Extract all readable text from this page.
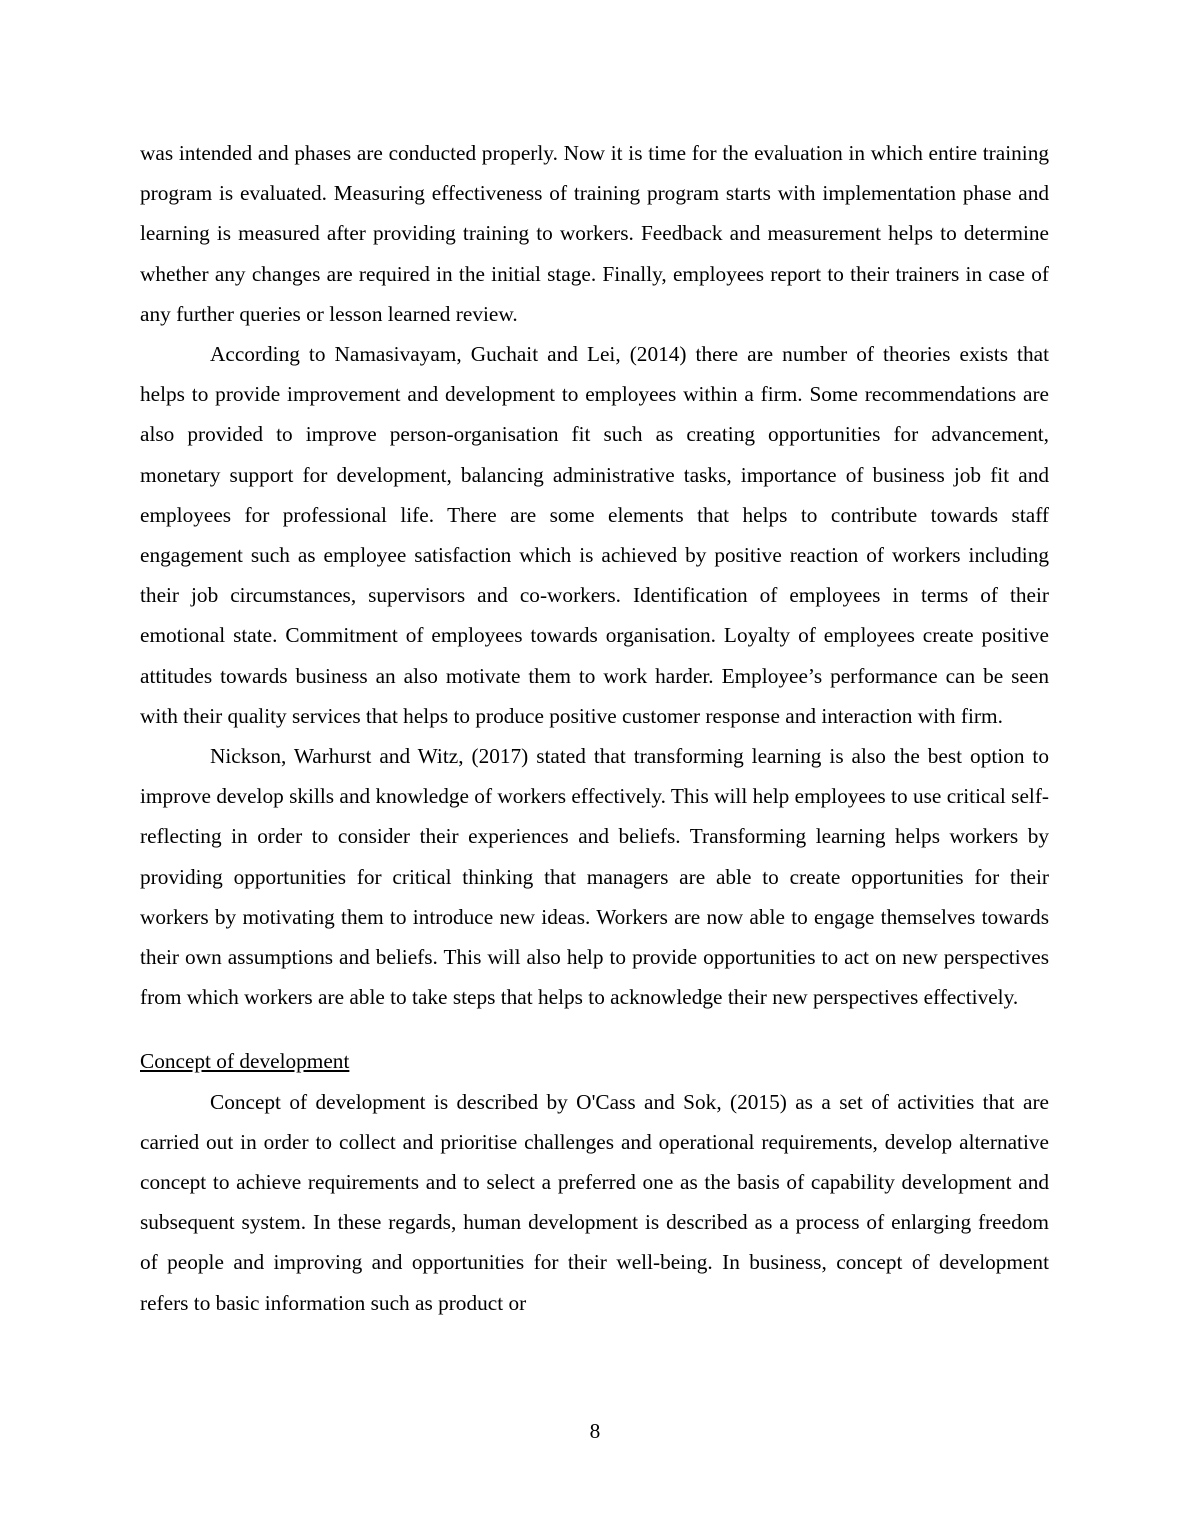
was intended and phases are conducted properly. Now it is time for the evaluation in which entire training program is evaluated. Measuring effectiveness of training program starts with implementation phase and learning is measured after providing training to workers. Feedback and measurement helps to determine whether any changes are required in the initial stage. Finally, employees report to their trainers in case of any further queries or lesson learned review.

According to Namasivayam, Guchait and Lei, (2014) there are number of theories exists that helps to provide improvement and development to employees within a firm. Some recommendations are also provided to improve person-organisation fit such as creating opportunities for advancement, monetary support for development, balancing administrative tasks, importance of business job fit and employees for professional life. There are some elements that helps to contribute towards staff engagement such as employee satisfaction which is achieved by positive reaction of workers including their job circumstances, supervisors and co-workers. Identification of employees in terms of their emotional state. Commitment of employees towards organisation. Loyalty of employees create positive attitudes towards business an also motivate them to work harder. Employee’s performance can be seen with their quality services that helps to produce positive customer response and interaction with firm.

Nickson, Warhurst and Witz, (2017) stated that transforming learning is also the best option to improve develop skills and knowledge of workers effectively. This will help employees to use critical self-reflecting in order to consider their experiences and beliefs. Transforming learning helps workers by providing opportunities for critical thinking that managers are able to create opportunities for their workers by motivating them to introduce new ideas. Workers are now able to engage themselves towards their own assumptions and beliefs. This will also help to provide opportunities to act on new perspectives from which workers are able to take steps that helps to acknowledge their new perspectives effectively.

Concept of development

Concept of development is described by O'Cass and Sok, (2015) as a set of activities that are carried out in order to collect and prioritise challenges and operational requirements, develop alternative concept to achieve requirements and to select a preferred one as the basis of capability development and subsequent system. In these regards, human development is described as a process of enlarging freedom of people and improving and opportunities for their well-being. In business, concept of development refers to basic information such as product or

8
